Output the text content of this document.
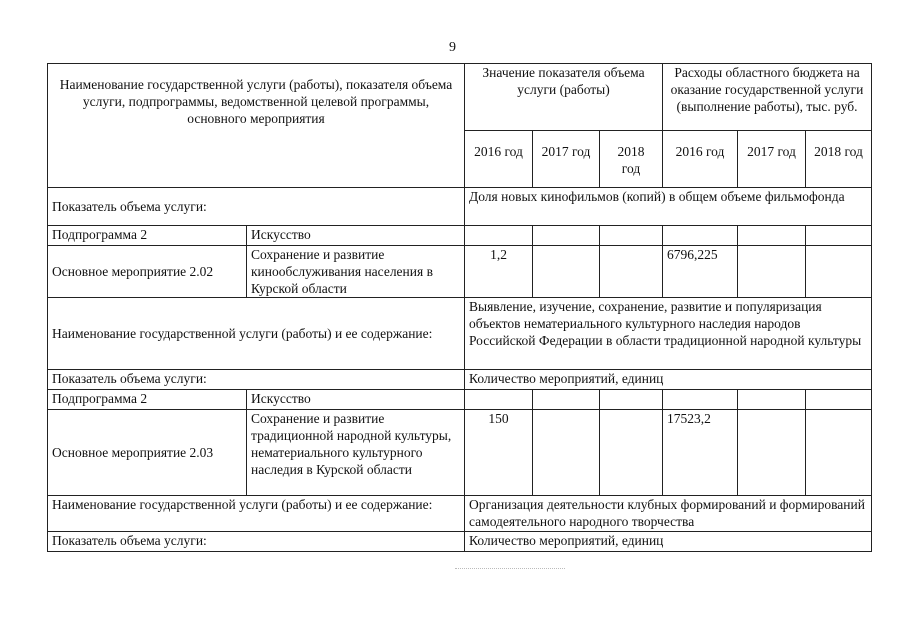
9
Наименование государственной услуги (работы), показателя объема услуги, подпрограммы, ведомственной целевой программы, основного мероприятия		Значение показателя объема услуги (работы)			Расходы областного бюджета на оказание государственной услуги (выполнение работы), тыс. руб.		
		2016 год	2017 год	2018 год	2016 год	2017 год	2018 год
Показатель объема услуги:		Доля новых кинофильмов (копий) в общем объеме фильмофонда					
Подпрограмма 2	Искусство						
Основное мероприятие 2.02	Сохранение и развитие кинообслуживания населения в Курской области	1,2			6796,225		
Наименование государственной услуги (работы) и ее содержание:		Выявление, изучение, сохранение, развитие и популяризация объектов нематериального культурного наследия народов Российской Федерации в области традиционной народной культуры					
Показатель объема услуги:		Количество мероприятий, единиц					
Подпрограмма 2	Искусство						
Основное мероприятие 2.03	Сохранение и развитие традиционной народной культуры, нематериального культурного наследия в Курской области	150			17523,2		
Наименование государственной услуги (работы) и ее содержание:		Организация деятельности клубных формирований и формирований самодеятельного народного творчества					
Показатель объема услуги:		Количество мероприятий, единиц					
